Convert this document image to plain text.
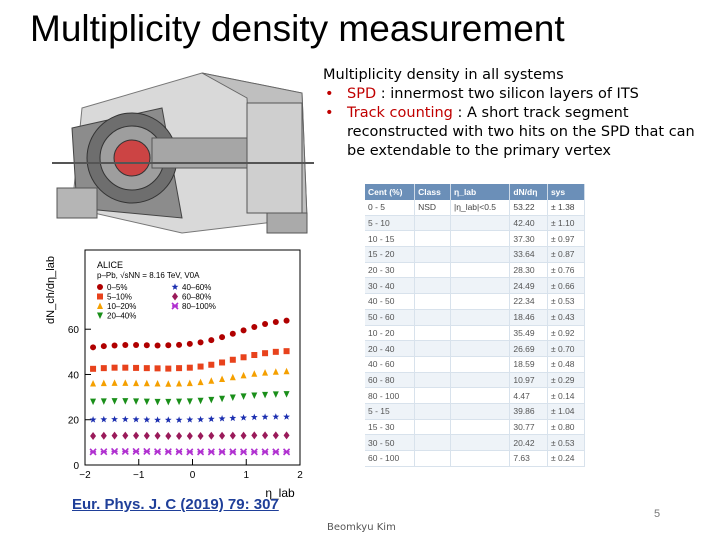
Multiplicity density measurement

Multiplicity density in all systems

• SPD : innermost two silicon layers of ITS
• Track counting : A short track segment reconstructed with two hits on the SPD that can be extendable to the primary vertex
0
20
40
60
−2	−1	0	1	2
dN_ch/dη_lab
η_lab
ALICE
p–Pb, √sNN = 8.16 TeV, V0A
0–5%
5–10%
10–20%
20–40%
40–60%
60–80%
80–100%
Cent (%)	Class	η_lab	dN/dη	sys
0 - 5	NSD	|η_lab|<0.5	53.22	± 1.38
5 - 10			42.40	± 1.10
10 - 15			37.30	± 0.97
15 - 20			33.64	± 0.87
20 - 30			28.30	± 0.76
30 - 40			24.49	± 0.66
40 - 50			22.34	± 0.53
50 - 60			18.46	± 0.43
10 - 20			35.49	± 0.92
20 - 40			26.69	± 0.70
40 - 60			18.59	± 0.48
60 - 80			10.97	± 0.29
80 - 100			4.47	± 0.14
5 - 15			39.86	± 1.04
15 - 30			30.77	± 0.80
30 - 50			20.42	± 0.53
60 - 100			7.63	± 0.24
Eur. Phys. J. C (2019) 79: 307
Beomkyu Kim
5
